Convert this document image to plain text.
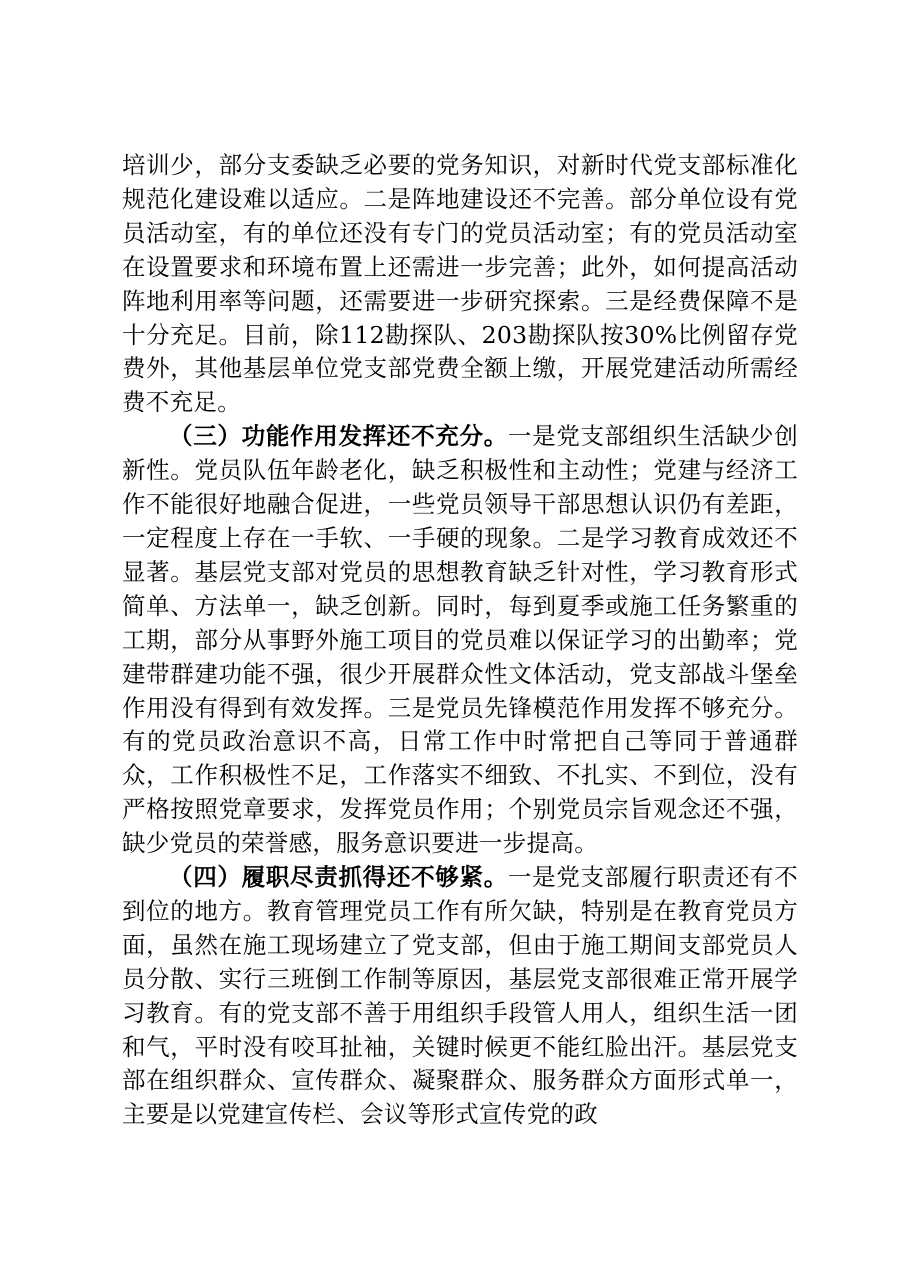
培训少，部分支委缺乏必要的党务知识，对新时代党支部标准化规范化建设难以适应。二是阵地建设还不完善。部分单位设有党员活动室，有的单位还没有专门的党员活动室；有的党员活动室在设置要求和环境布置上还需进一步完善；此外，如何提高活动阵地利用率等问题，还需要进一步研究探索。三是经费保障不是十分充足。目前，除112勘探队、203勘探队按30%比例留存党费外，其他基层单位党支部党费全额上缴，开展党建活动所需经费不充足。

（三）功能作用发挥还不充分。一是党支部组织生活缺少创新性。党员队伍年龄老化，缺乏积极性和主动性；党建与经济工作不能很好地融合促进，一些党员领导干部思想认识仍有差距，一定程度上存在一手软、一手硬的现象。二是学习教育成效还不显著。基层党支部对党员的思想教育缺乏针对性，学习教育形式简单、方法单一，缺乏创新。同时，每到夏季或施工任务繁重的工期，部分从事野外施工项目的党员难以保证学习的出勤率；党建带群建功能不强，很少开展群众性文体活动，党支部战斗堡垒作用没有得到有效发挥。三是党员先锋模范作用发挥不够充分。有的党员政治意识不高，日常工作中时常把自己等同于普通群众，工作积极性不足，工作落实不细致、不扎实、不到位，没有严格按照党章要求，发挥党员作用；个别党员宗旨观念还不强，缺少党员的荣誉感，服务意识要进一步提高。

（四）履职尽责抓得还不够紧。一是党支部履行职责还有不到位的地方。教育管理党员工作有所欠缺，特别是在教育党员方面，虽然在施工现场建立了党支部，但由于施工期间支部党员人员分散、实行三班倒工作制等原因，基层党支部很难正常开展学习教育。有的党支部不善于用组织手段管人用人，组织生活一团和气，平时没有咬耳扯袖，关键时候更不能红脸出汗。基层党支部在组织群众、宣传群众、凝聚群众、服务群众方面形式单一，主要是以党建宣传栏、会议等形式宣传党的政
